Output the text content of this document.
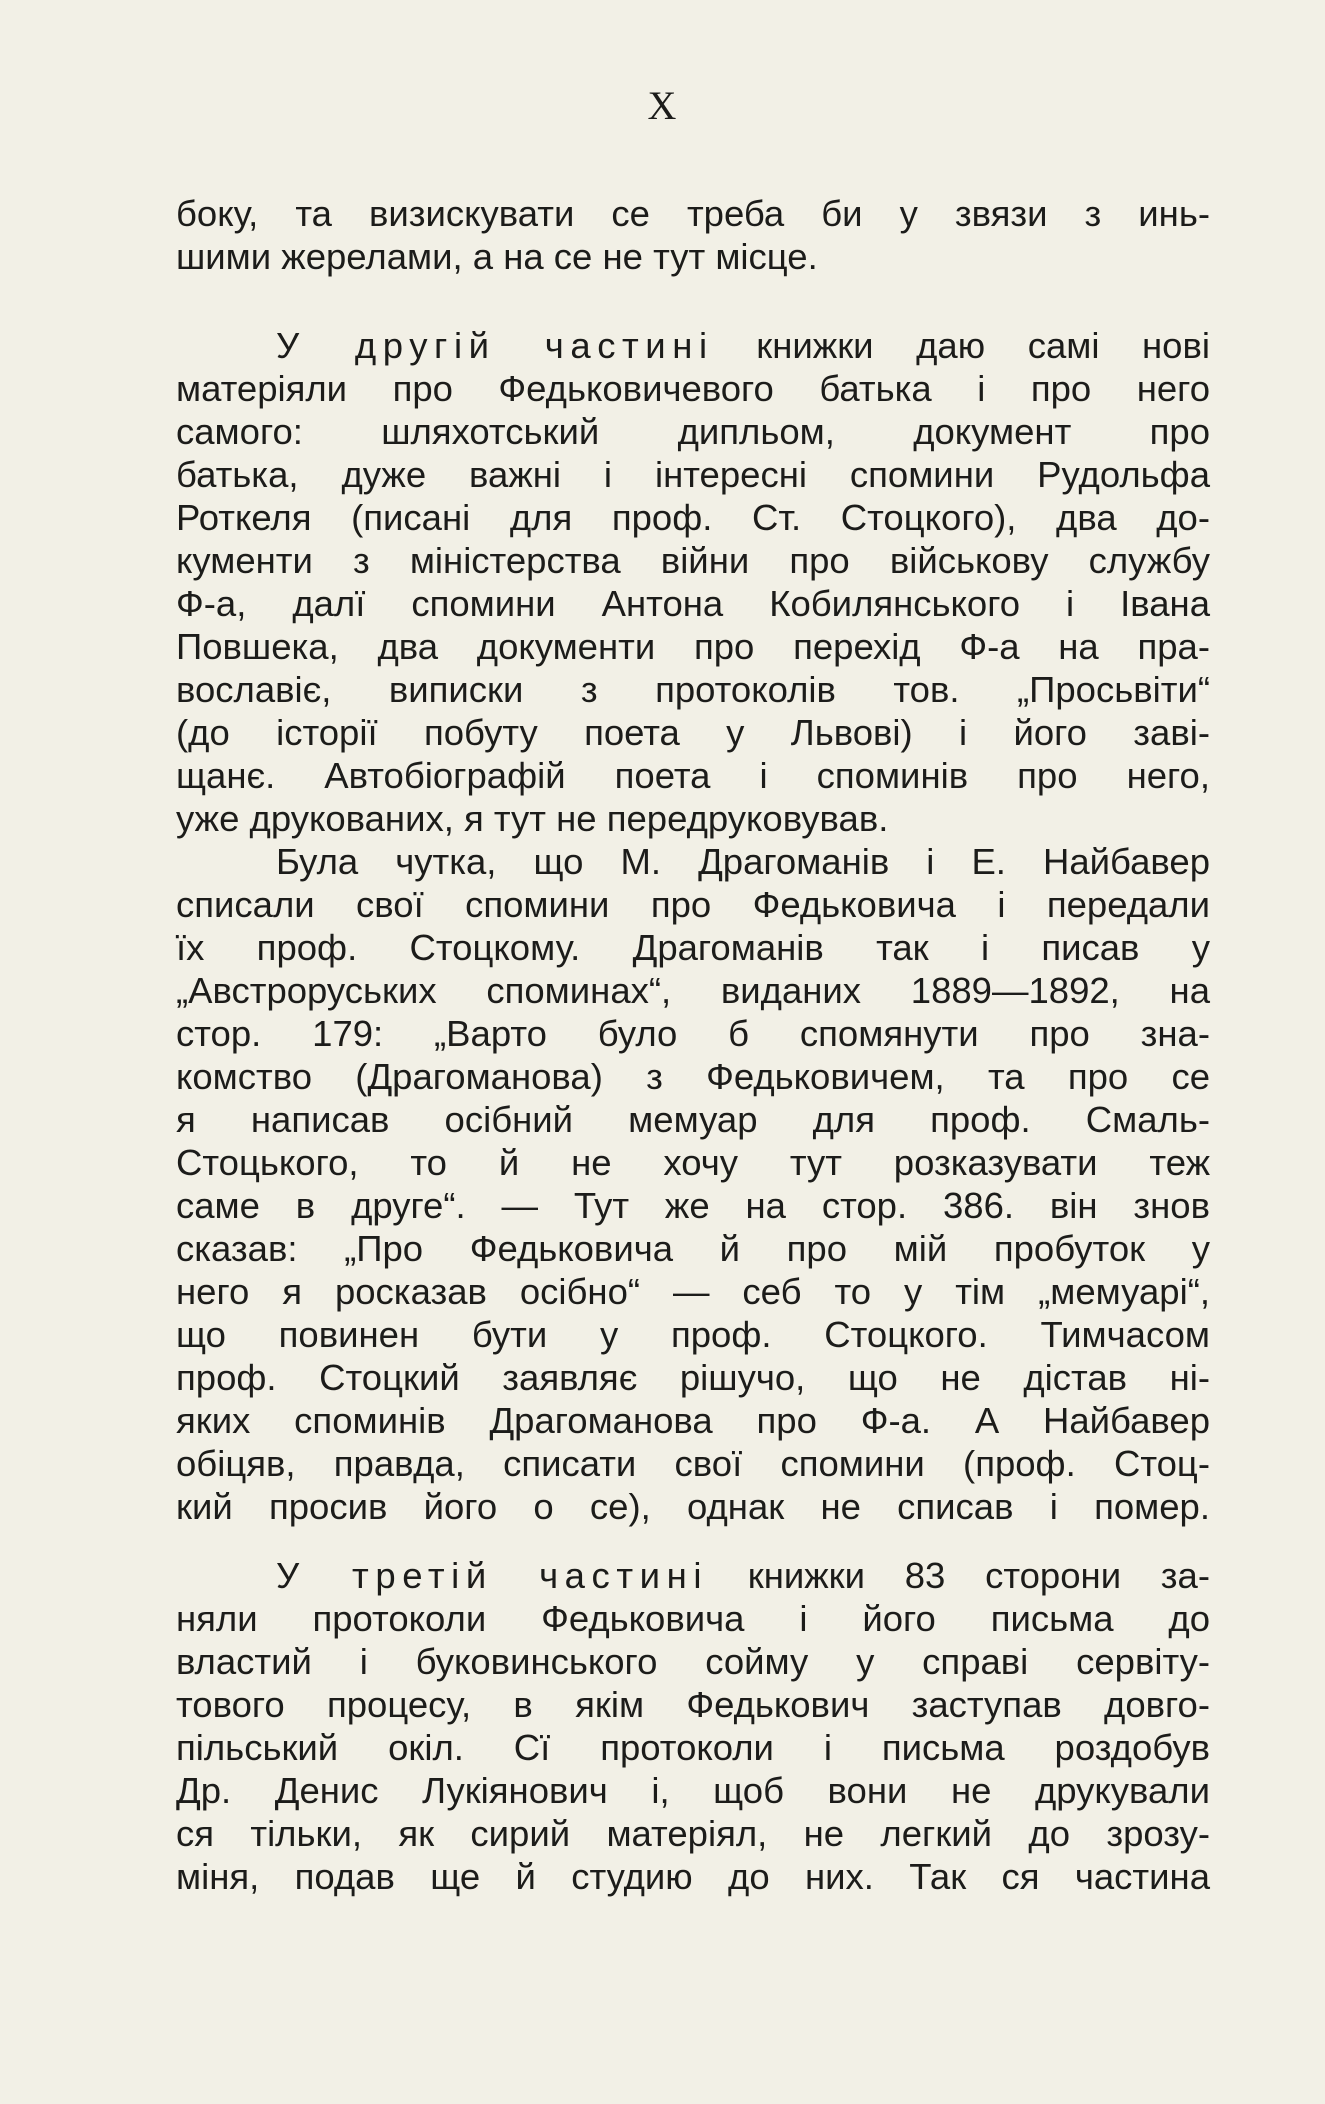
X
боку, та визискувати се треба би у звязи з инь-
шими жерелами, а на се не тут місце.
У другій частині книжки даю самі нові
матеріяли про Федьковичевого батька і про него
самого: шляхотський дипльом, документ про
батька, дуже важні і інтересні спомини Рудольфа
Роткеля (писані для проф. Ст. Стоцкого), два до-
кументи з міністерства війни про військову службу
Ф-а, далї спомини Антона Кобилянського і Івана
Повшека, два документи про перехід Ф-а на пра-
вославіє, виписки з протоколів тов. „Просьвіти“
(до історії побуту поета у Львові) і його заві-
щанє. Автобіографій поета і споминів про него,
уже друкованих, я тут не передруковував.
Була чутка, що М. Драгоманів і Е. Найбавер
списали свої спомини про Федьковича і передали
їх проф. Стоцкому. Драгоманів так і писав у
„Австроруських споминах“, виданих 1889—1892, на
стор. 179: „Варто було б спомянути про зна-
комство (Драгоманова) з Федьковичем, та про се
я написав осібний мемуар для проф. Смаль-
Стоцького, то й не хочу тут розказувати теж
саме в друге“. — Тут же на стор. 386. він знов
сказав: „Про Федьковича й про мій пробуток у
него я росказав осібно“ — себ то у тім „мемуарі“,
що повинен бути у проф. Стоцкого. Тимчасом
проф. Стоцкий заявляє рішучо, що не дістав ні-
яких споминів Драгоманова про Ф-а. А Найбавер
обіцяв, правда, списати свої спомини (проф. Стоц-
кий просив його о се), однак не списав і помер.
У третій частині книжки 83 сторони за-
няли протоколи Федьковича і його письма до
властий і буковинського сойму у справі сервіту-
тового процесу, в якім Федькович заступав довго-
пільський окіл. Сї протоколи і письма роздобув
Др. Денис Лукіянович і, щоб вони не друкували
ся тільки, як сирий матеріял, не легкий до зрозу-
міня, подав ще й студию до них. Так ся частина
